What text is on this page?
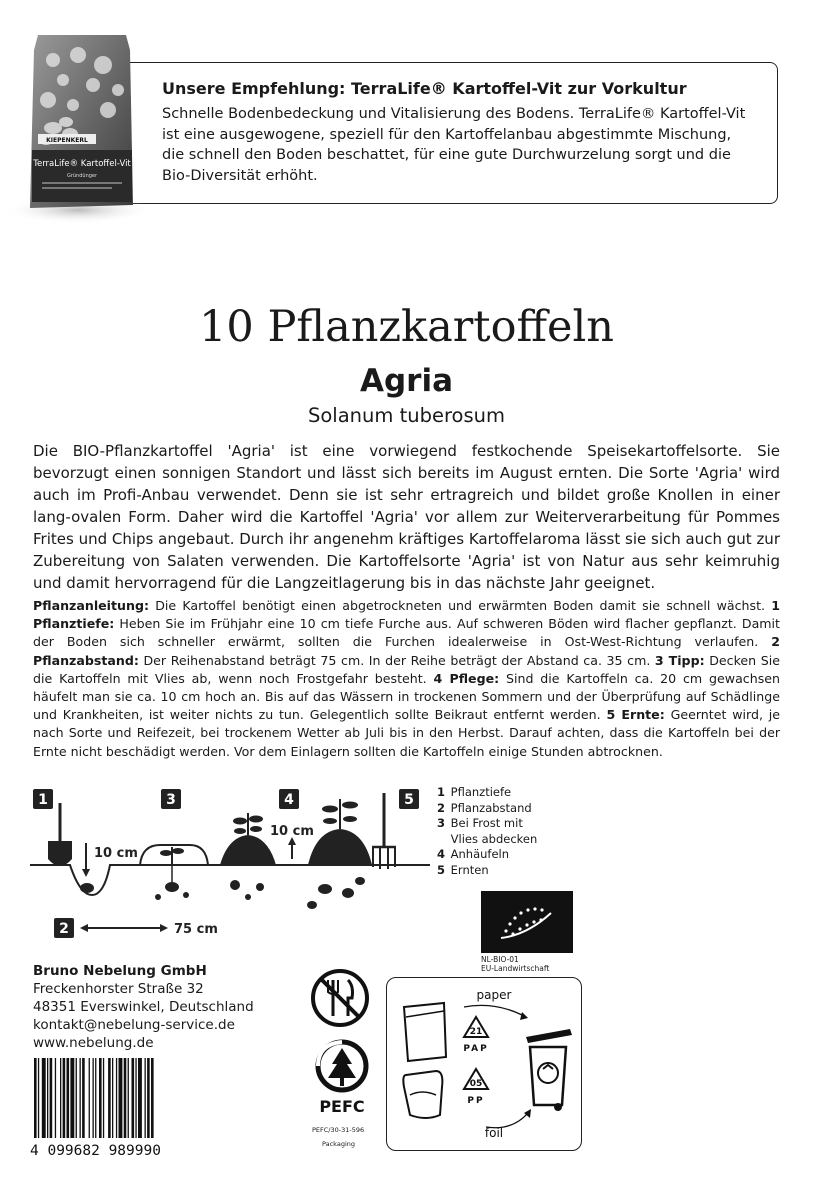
KIEPENKERL
TerraLife® Kartoffel-Vit
Gründünger
Unsere Empfehlung: TerraLife® Kartoffel-Vit zur Vorkultur
Schnelle Bodenbedeckung und Vitalisierung des Bodens. TerraLife® Kartoffel-Vit
ist eine ausgewogene, speziell für den Kartoffelanbau abgestimmte Mischung,
die schnell den Boden beschattet, für eine gute Durchwurzelung sorgt und die
Bio-Diversität erhöht.
10 Pflanzkartoffeln
Agria
Solanum tuberosum
Die BIO-Pflanzkartoffel 'Agria' ist eine vorwiegend festkochende Speisekartoffelsorte. Sie bevorzugt einen sonnigen Standort und lässt sich bereits im August ernten. Die Sorte 'Agria' wird auch im Profi-Anbau verwendet. Denn sie ist sehr ertragreich und bildet große Knollen in einer lang-ovalen Form. Daher wird die Kartoffel 'Agria' vor allem zur Weiterverarbeitung für Pommes Frites und Chips angebaut. Durch ihr angenehm kräftiges Kartoffelaroma lässt sie sich auch gut zur Zubereitung von Salaten verwenden. Die Kartoffelsorte 'Agria' ist von Natur aus sehr keimruhig und damit hervorragend für die Langzeitlagerung bis in das nächste Jahr geeignet.
Pflanzanleitung: Die Kartoffel benötigt einen abgetrockneten und erwärmten Boden damit sie schnell wächst. 1 Pflanztiefe: Heben Sie im Frühjahr eine 10 cm tiefe Furche aus. Auf schweren Böden wird flacher gepflanzt. Damit der Boden sich schneller erwärmt, sollten die Furchen idealerweise in Ost-West-Richtung verlaufen. 2 Pflanzabstand: Der Reihenabstand beträgt 75 cm. In der Reihe beträgt der Abstand ca. 35 cm. 3 Tipp: Decken Sie die Kartoffeln mit Vlies ab, wenn noch Frostgefahr besteht. 4 Pflege: Sind die Kartoffeln ca. 20 cm gewachsen häufelt man sie ca. 10 cm hoch an. Bis auf das Wässern in trockenen Sommern und der Überprüfung auf Schädlinge und Krankheiten, ist weiter nichts zu tun. Gelegentlich sollte Beikraut entfernt werden. 5 Ernte: Geerntet wird, je nach Sorte und Reifezeit, bei trockenem Wetter ab Juli bis in den Herbst. Darauf achten, dass die Kartoffeln bei der Ernte nicht beschädigt werden. Vor dem Einlagern sollten die Kartoffeln einige Stunden abtrocknen.
1	3	4	5
2
10 cm
10 cm
75 cm
1 Pflanztiefe
2 Pflanzabstand
3 Bei Frost mit
Vlies abdecken
4 Anhäufeln
5 Ernten
NL-BIO-01
EU-Landwirtschaft
Bruno Nebelung GmbH
Freckenhorster Straße 32
48351 Everswinkel, Deutschland
kontakt@nebelung-service.de
www.nebelung.de
4 099682 989990
PEFC
PEFC/30-31-596
Packaging
paper
21
PAP
05
PP
foil
